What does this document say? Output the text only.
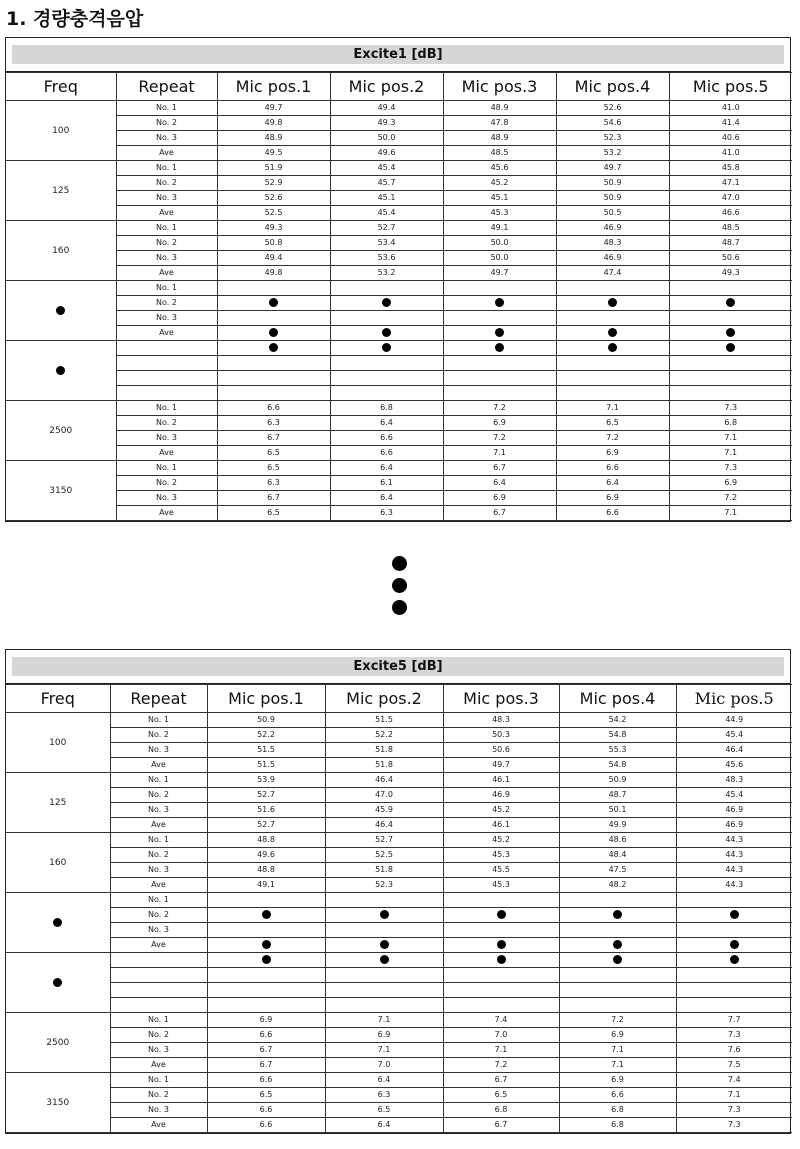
1. 경량충격음압
Excite1 [dB]
Freq	Repeat	Mic pos.1	Mic pos.2	Mic pos.3	Mic pos.4	Mic pos.5
100	No. 1	49.7	49.4	48.9	52.6	41.0
	No. 2	49.8	49.3	47.8	54.6	41.4
	No. 3	48.9	50.0	48.9	52.3	40.6
	Ave	49.5	49.6	48.5	53.2	41.0
125	No. 1	51.9	45.4	45.6	49.7	45.8
	No. 2	52.9	45.7	45.2	50.9	47.1
	No. 3	52.6	45.1	45.1	50.9	47.0
	Ave	52.5	45.4	45.3	50.5	46.6
160	No. 1	49.3	52.7	49.1	46.9	48.5
	No. 2	50.8	53.4	50.0	48.3	48.7
	No. 3	49.4	53.6	50.0	46.9	50.6
	Ave	49.8	53.2	49.7	47.4	49.3
	No. 1					
	No. 2					
	No. 3					
	Ave					

2500	No. 1	6.6	6.8	7.2	7.1	7.3
	No. 2	6.3	6.4	6.9	6.5	6.8
	No. 3	6.7	6.6	7.2	7.2	7.1
	Ave	6.5	6.6	7.1	6.9	7.1
3150	No. 1	6.5	6.4	6.7	6.6	7.3
	No. 2	6.3	6.1	6.4	6.4	6.9
	No. 3	6.7	6.4	6.9	6.9	7.2
	Ave	6.5	6.3	6.7	6.6	7.1
Excite5 [dB]
Freq	Repeat	Mic pos.1	Mic pos.2	Mic pos.3	Mic pos.4	Mic pos.5
100	No. 1	50.9	51.5	48.3	54.2	44.9
	No. 2	52.2	52.2	50.3	54.8	45.4
	No. 3	51.5	51.8	50.6	55.3	46.4
	Ave	51.5	51.8	49.7	54.8	45.6
125	No. 1	53.9	46.4	46.1	50.9	48.3
	No. 2	52.7	47.0	46.9	48.7	45.4
	No. 3	51.6	45.9	45.2	50.1	46.9
	Ave	52.7	46.4	46.1	49.9	46.9
160	No. 1	48.8	52.7	45.2	48.6	44.3
	No. 2	49.6	52.5	45.3	48.4	44.3
	No. 3	48.8	51.8	45.5	47.5	44.3
	Ave	49.1	52.3	45.3	48.2	44.3
	No. 1					
	No. 2					
	No. 3					
	Ave					

2500	No. 1	6.9	7.1	7.4	7.2	7.7
	No. 2	6.6	6.9	7.0	6.9	7.3
	No. 3	6.7	7.1	7.1	7.1	7.6
	Ave	6.7	7.0	7.2	7.1	7.5
3150	No. 1	6.6	6.4	6.7	6.9	7.4
	No. 2	6.5	6.3	6.5	6.6	7.1
	No. 3	6.6	6.5	6.8	6.8	7.3
	Ave	6.6	6.4	6.7	6.8	7.3
